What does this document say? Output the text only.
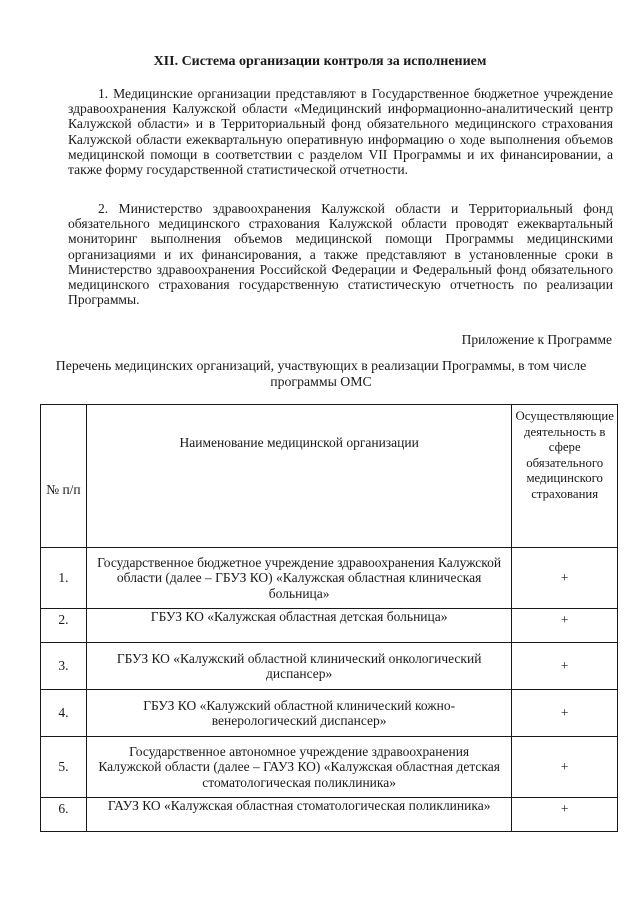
XII. Система организации контроля за исполнением

1. Медицинские организации представляют в Государственное бюджетное учреждение здравоохранения Калужской области «Медицинский информационно-аналитический центр Калужской области» и в Территориальный фонд обязательного медицинского страхования Калужской области ежеквартальную оперативную информацию о ходе выполнения объемов медицинской помощи в соответствии с разделом VII Программы и их финансировании, а также форму государственной статистической отчетности.

2. Министерство здравоохранения Калужской области и Территориальный фонд обязательного медицинского страхования Калужской области проводят ежеквартальный мониторинг выполнения объемов медицинской помощи Программы медицинскими организациями и их финансирования, а также представляют в установленные сроки в Министерство здравоохранения Российской Федерации и Федеральный фонд обязательного медицинского страхования государственную статистическую отчетность по реализации Программы.

Приложение к Программе
Перечень медицинских организаций, участвующих в реализации Программы, в том числе программы ОМС
№ п/п	Наименование медицинской организации	Осуществляющие деятельность в сфере обязательного медицинского страхования
1.	Государственное бюджетное учреждение здравоохранения Калужской области (далее – ГБУЗ КО) «Калужская областная клиническая больница»	+
2.	ГБУЗ КО «Калужская областная детская больница»	+
3.	ГБУЗ КО «Калужский областной клинический онкологический диспансер»	+
4.	ГБУЗ КО «Калужский областной клинический кожно-венерологический диспансер»	+
5.	Государственное автономное учреждение здравоохранения Калужской области (далее – ГАУЗ КО) «Калужская областная детская стоматологическая поликлиника»	+
6.	ГАУЗ КО «Калужская областная стоматологическая поликлиника»	+
